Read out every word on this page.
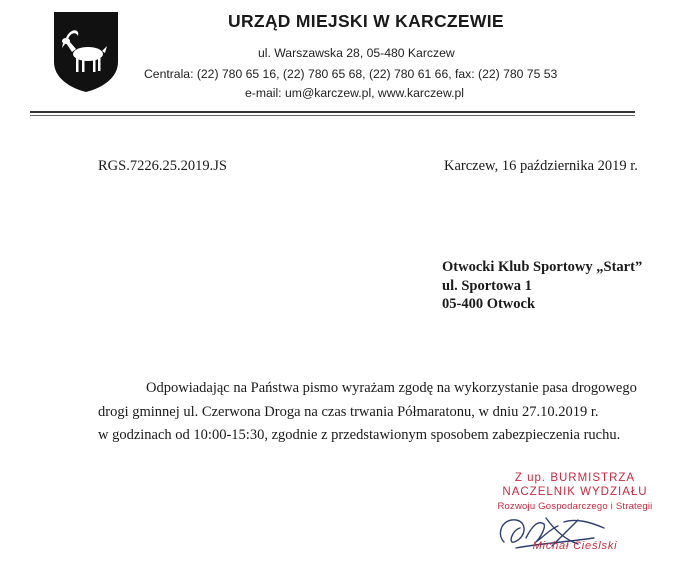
URZĄD MIEJSKI W KARCZEWIE
ul. Warszawska 28, 05-480 Karczew
Centrala: (22) 780 65 16, (22) 780 65 68, (22) 780 61 66, fax: (22) 780 75 53
e-mail: um@karczew.pl, www.karczew.pl
RGS.7226.25.2019.JS	Karczew, 16 października 2019 r.
Otwocki Klub Sportowy „Start”
ul. Sportowa 1
05-400 Otwock
Odpowiadając na Państwa pismo wyrażam zgodę na wykorzystanie pasa drogowego
drogi gminnej ul. Czerwona Droga na czas trwania Półmaratonu, w dniu 27.10.2019 r.
w godzinach od 10:00-15:30, zgodnie z przedstawionym sposobem zabezpieczenia ruchu.
Z up. BURMISTRZA
NACZELNIK WYDZIAŁU
Rozwoju Gospodarczego i Strategii
Michał Cieślski
